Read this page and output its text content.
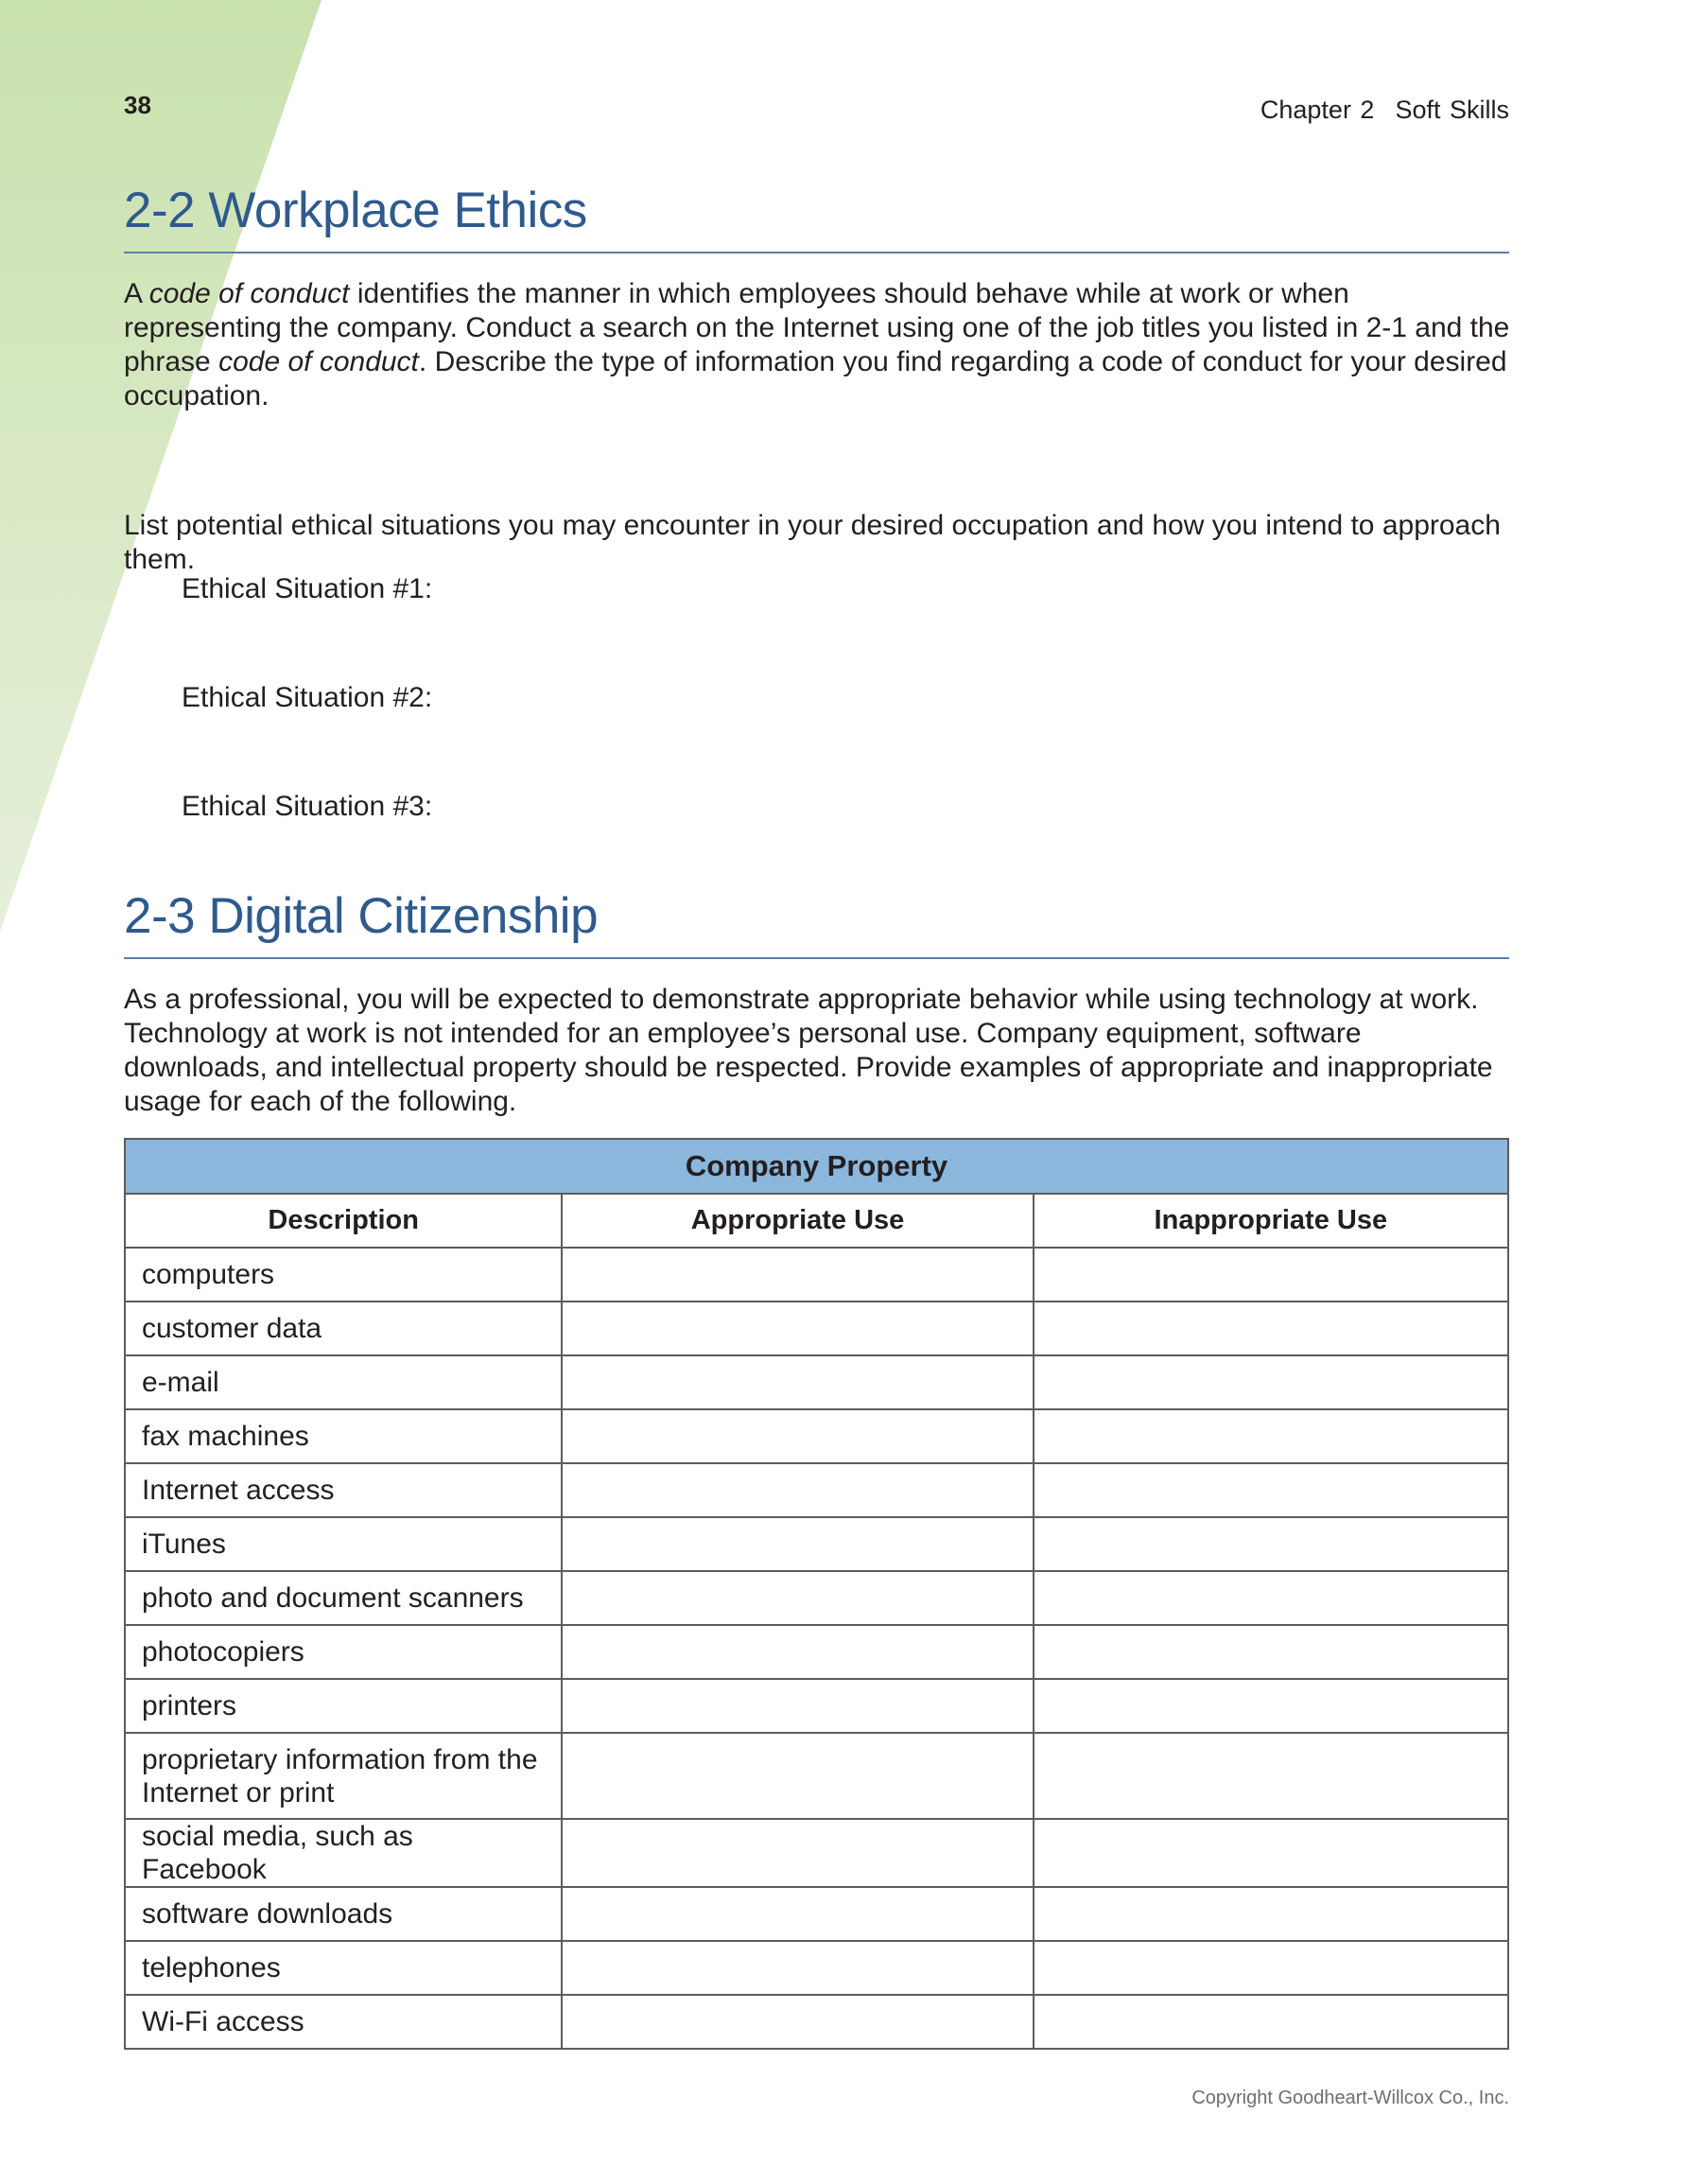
38	Chapter 2 Soft Skills
2-2 Workplace Ethics

A code of conduct identifies the manner in which employees should behave while at work or when representing the company. Conduct a search on the Internet using one of the job titles you listed in 2-1 and the phrase code of conduct. Describe the type of information you find regarding a code of conduct for your desired occupation.

List potential ethical situations you may encounter in your desired occupation and how you intend to approach them.

Ethical Situation #1:

Ethical Situation #2:

Ethical Situation #3:

2-3 Digital Citizenship

As a professional, you will be expected to demonstrate appropriate behavior while using technology at work. Technology at work is not intended for an employee’s personal use. Company equipment, software downloads, and intellectual property should be respected. Provide examples of appropriate and inappropriate usage for each of the following.

Company Property		
Description	Appropriate Use	Inappropriate Use
computers		
customer data		
e-mail		
fax machines		
Internet access		
iTunes		
photo and document scanners		
photocopiers		
printers		
proprietary information from the Internet or print		
social media, such as Facebook		
software downloads		
telephones		
Wi-Fi access		
Copyright Goodheart-Willcox Co., Inc.
